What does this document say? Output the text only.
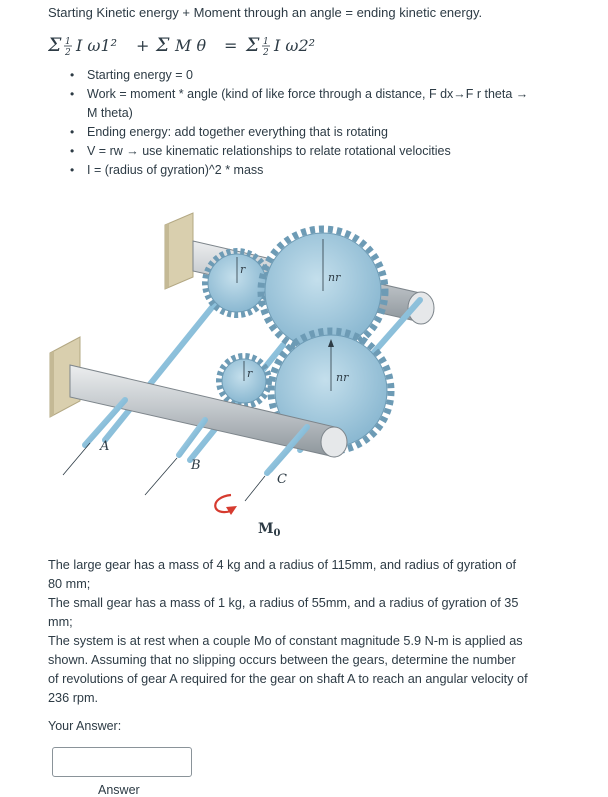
Starting Kinetic energy + Moment through an angle = ending kinetic energy.
Σ 1
2 I ω1² + Σ M θ = Σ 1
2 I ω2²
• Starting energy = 0
• Work = moment * angle (kind of like force through a distance, F dx→F r theta → M theta)
• Ending energy: add together everything that is rotating
• V = rw → use kinematic relationships to relate rotational velocities
• I = (radius of gyration)^2 * mass
r
nr
nr
r
A
B
C
$M_0$

The large gear has a mass of 4 kg and a radius of 115mm, and radius of gyration of 80 mm;

The small gear has a mass of 1 kg, a radius of 55mm, and a radius of gyration of 35 mm;

The system is at rest when a couple Mo of constant magnitude 5.9 N-m is applied as shown. Assuming that no slipping occurs between the gears, determine the number of revolutions of gear A required for the gear on shaft A to reach an angular velocity of 236 rpm.

Your Answer:
Answer
